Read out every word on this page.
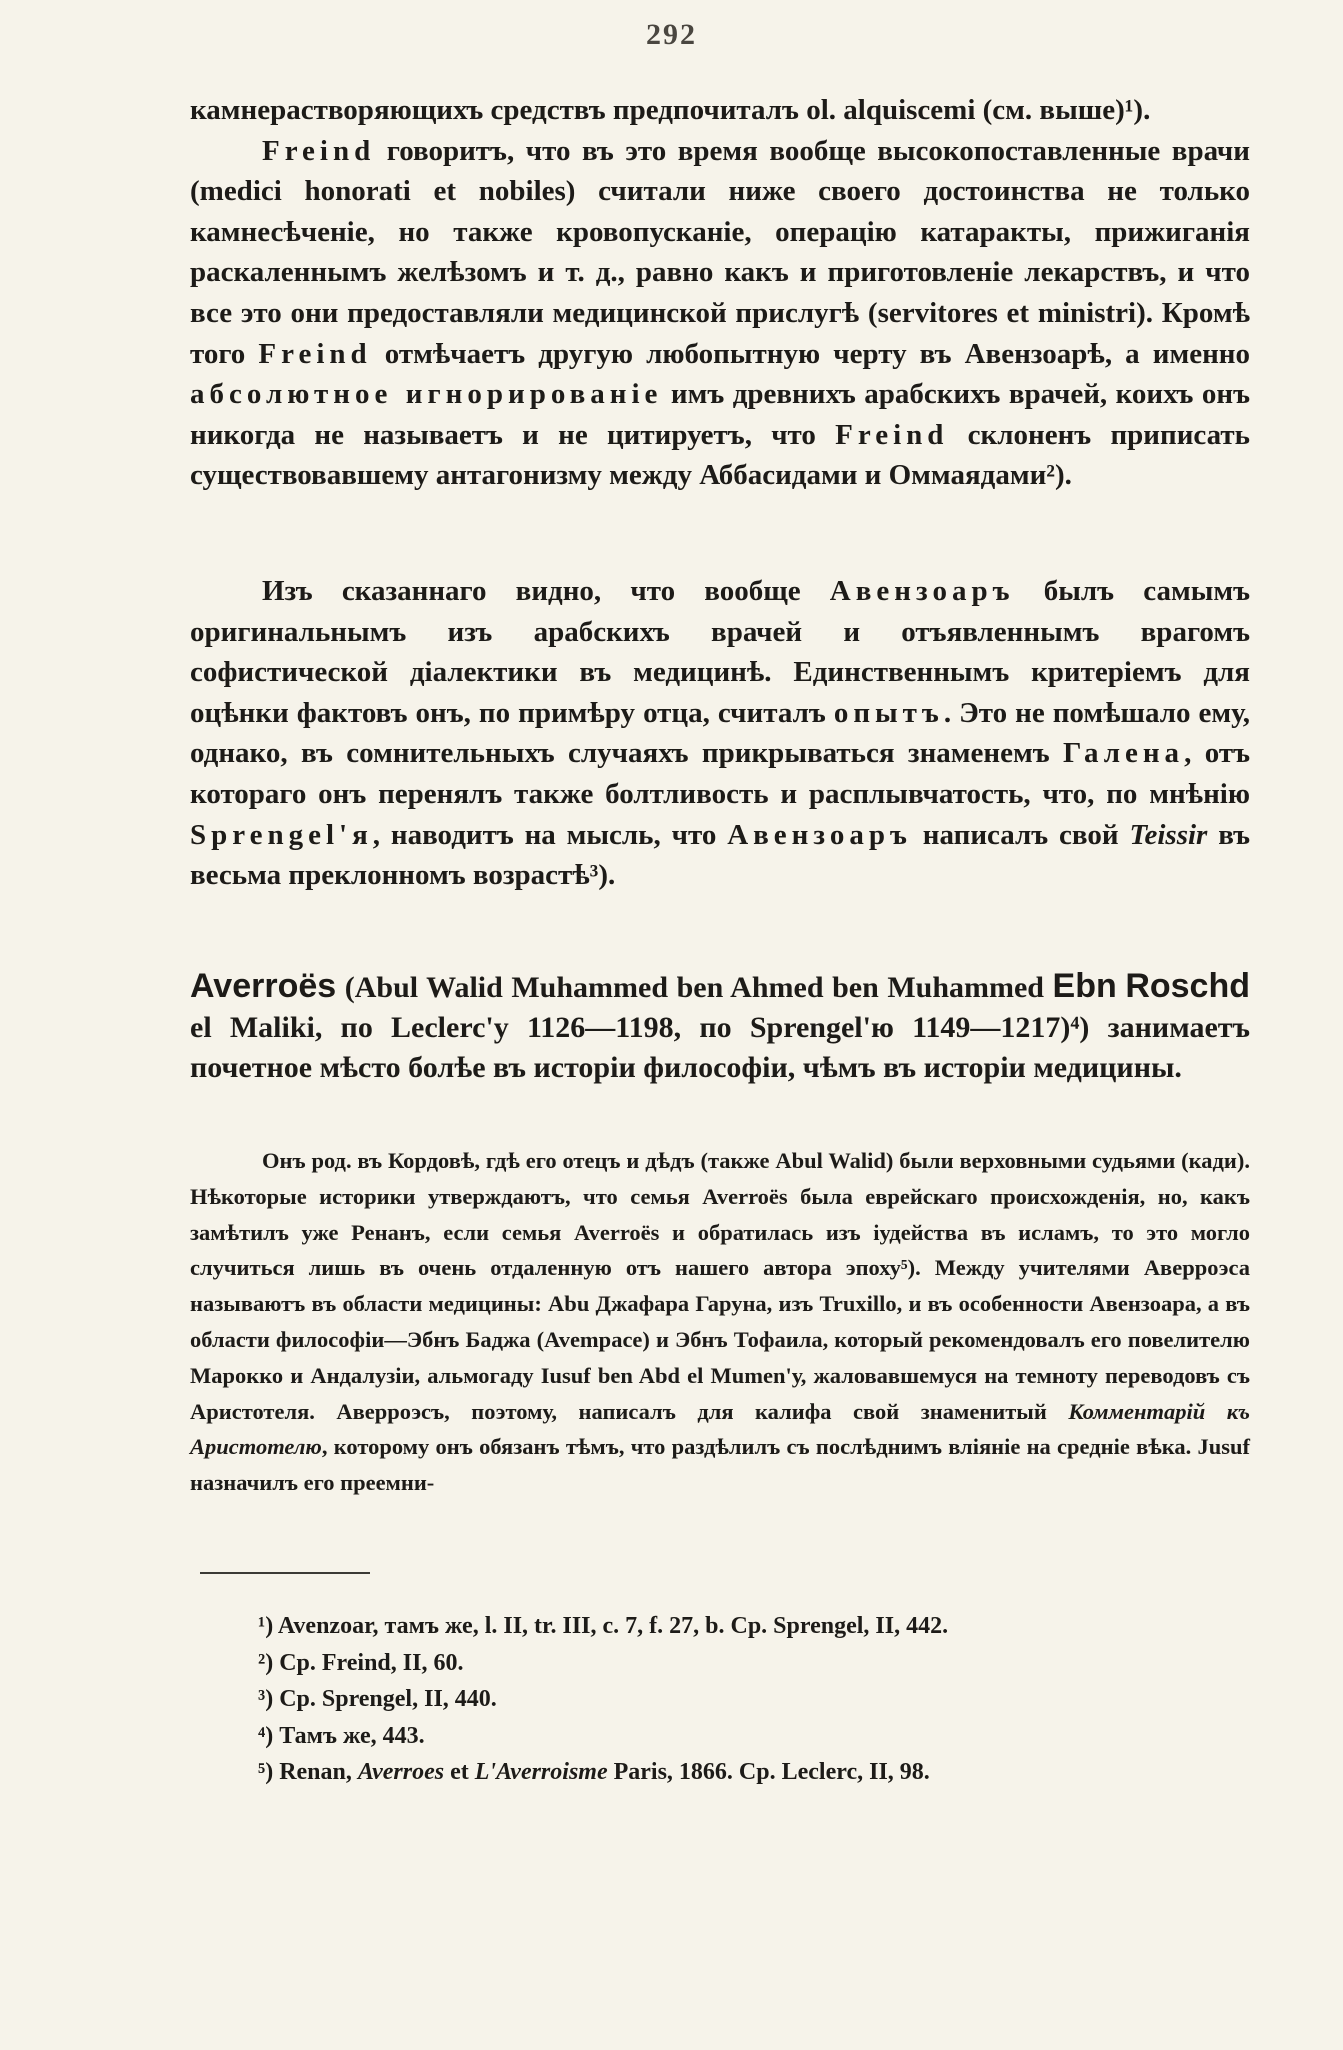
292
камнерастворяющихъ средствъ предпочиталъ ol. alquiscemi (см. выше)¹).
Freind говоритъ, что въ это время вообще высокопоставленные врачи (medici honorati et nobiles) считали ниже своего достоинства не только камнесѣченіе, но также кровопусканіе, операцію катаракты, прижиганія раскаленнымъ желѣзомъ и т. д., равно какъ и приготовленіе лекарствъ, и что все это они предоставляли медицинской прислугѣ (servitores et ministri). Кромѣ того Freind отмѣчаетъ другую любопытную черту въ Авензоарѣ, а именно абсолютное игнорированіе имъ древнихъ арабскихъ врачей, коихъ онъ никогда не называетъ и не цитируетъ, что Freind склоненъ приписать существовавшему антагонизму между Аббасидами и Оммаядами²).
Изъ сказаннаго видно, что вообще Авензоаръ былъ самымъ оригинальнымъ изъ арабскихъ врачей и отъявленнымъ врагомъ софистической діалектики въ медицинѣ. Единственнымъ критеріемъ для оцѣнки фактовъ онъ, по примѣру отца, считалъ опытъ. Это не помѣшало ему, однако, въ сомнительныхъ случаяхъ прикрываться знаменемъ Галена, отъ котораго онъ перенялъ также болтливость и расплывчатость, что, по мнѣнію Sprengel'я, наводитъ на мысль, что Авензоаръ написалъ свой Teissir въ весьма преклонномъ возрастѣ³).
Averroës (Abul Walid Muhammed ben Ahmed ben Muhammed Ebn Roschd el Maliki, по Leclerc'у 1126—1198, по Sprengel'ю 1149—1217)⁴) занимаетъ почетное мѣсто болѣе въ исторіи философіи, чѣмъ въ исторіи медицины.
Онъ род. въ Кордовѣ, гдѣ его отецъ и дѣдъ (также Abul Walid) были верховными судьями (кади). Нѣкоторые историки утверждаютъ, что семья Averroës была еврейскаго происхожденія, но, какъ замѣтилъ уже Ренанъ, если семья Averroës и обратилась изъ іудейства въ исламъ, то это могло случиться лишь въ очень отдаленную отъ нашего автора эпоху⁵). Между учителями Аверроэса называютъ въ области медицины: Abu Джафара Гаруна, изъ Truxillo, и въ особенности Авензоара, а въ области философіи—Эбнъ Баджа (Avempace) и Эбнъ Тофаила, который рекомендовалъ его повелителю Марокко и Андалузіи, альмогаду Iusuf ben Abd el Mumen'у, жаловавшемуся на темноту переводовъ съ Аристотеля. Аверроэсъ, поэтому, написалъ для калифа свой знаменитый Комментарій къ Аристотелю, которому онъ обязанъ тѣмъ, что раздѣлилъ съ послѣднимъ вліяніе на средніе вѣка. Jusuf назначилъ его преемни-
¹) Avenzoar, тамъ же, l. II, tr. III, c. 7, f. 27, b. Cp. Sprengel, II, 442.
²) Cp. Freind, II, 60.
³) Cp. Sprengel, II, 440.
⁴) Тамъ же, 443.
⁵) Renan, Averroes et L'Averroisme Paris, 1866. Cp. Leclerc, II, 98.
